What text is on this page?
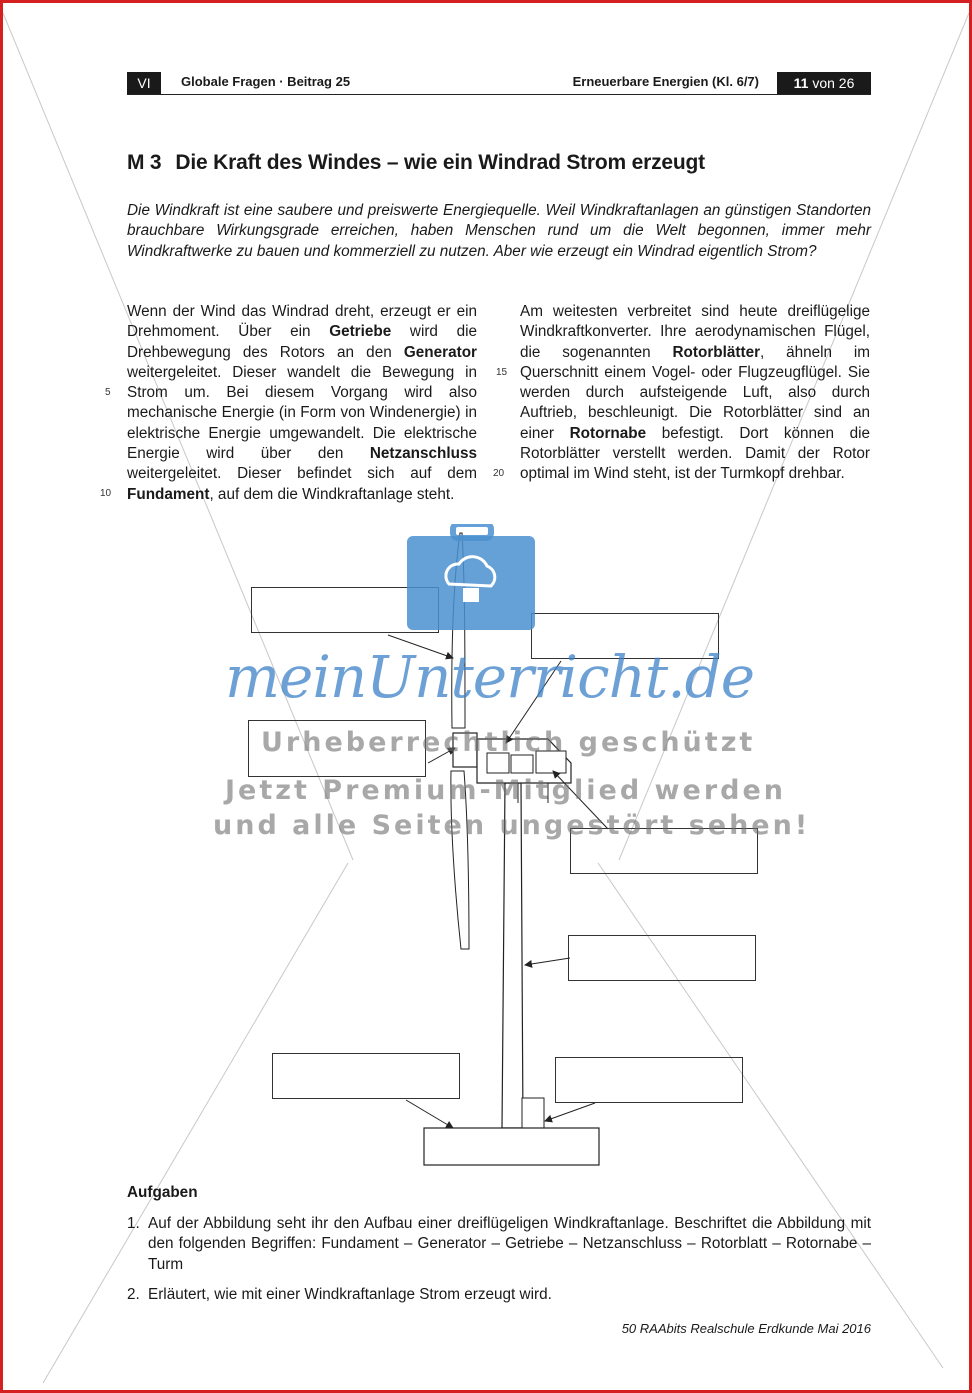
VI	Globale Fragen · Beitrag 25	Erneuerbare Energien (Kl. 6/7)	11 von 26
M 3 Die Kraft des Windes – wie ein Windrad Strom erzeugt
Die Windkraft ist eine saubere und preiswerte Energiequelle. Weil Windkraftanlagen an günstigen Standorten brauchbare Wirkungsgrade erreichen, haben Menschen rund um die Welt begonnen, immer mehr Windkraftwerke zu bauen und kommerziell zu nutzen. Aber wie erzeugt ein Windrad eigentlich Strom?
Wenn der Wind das Windrad dreht, erzeugt er ein Drehmoment. Über ein Getriebe wird die Drehbewegung des Rotors an den Generator weitergeleitet. Dieser wandelt die Bewegung in Strom um. Bei diesem Vorgang wird also mechanische Energie (in Form von Windenergie) in elektrische Energie umgewandelt. Die elektrische Energie wird über den Netzanschluss weitergeleitet. Dieser befindet sich auf dem Fundament, auf dem die Windkraftanlage steht.
Am weitesten verbreitet sind heute dreiflügelige Windkraftkonverter. Ihre aerodynamischen Flügel, die sogenannten Rotorblätter, ähneln im Querschnitt einem Vogel- oder Flugzeugflügel. Sie werden durch aufsteigende Luft, also durch Auftrieb, beschleunigt. Die Rotorblätter sind an einer Rotornabe befestigt. Dort können die Rotorblätter verstellt werden. Damit der Rotor optimal im Wind steht, ist der Turmkopf drehbar.
5
10
15
20
meinUnterricht.de
Urheberrechtlich geschützt
Jetzt Premium-Mitglied werden
und alle Seiten ungestört sehen!
Aufgaben
1. Auf der Abbildung seht ihr den Aufbau einer dreiflügeligen Windkraftanlage. Beschriftet die Abbildung mit den folgenden Begriffen: Fundament – Generator – Getriebe – Netzanschluss – Rotorblatt – Rotornabe – Turm
2. Erläutert, wie mit einer Windkraftanlage Strom erzeugt wird.
50 RAAbits Realschule Erdkunde Mai 2016
